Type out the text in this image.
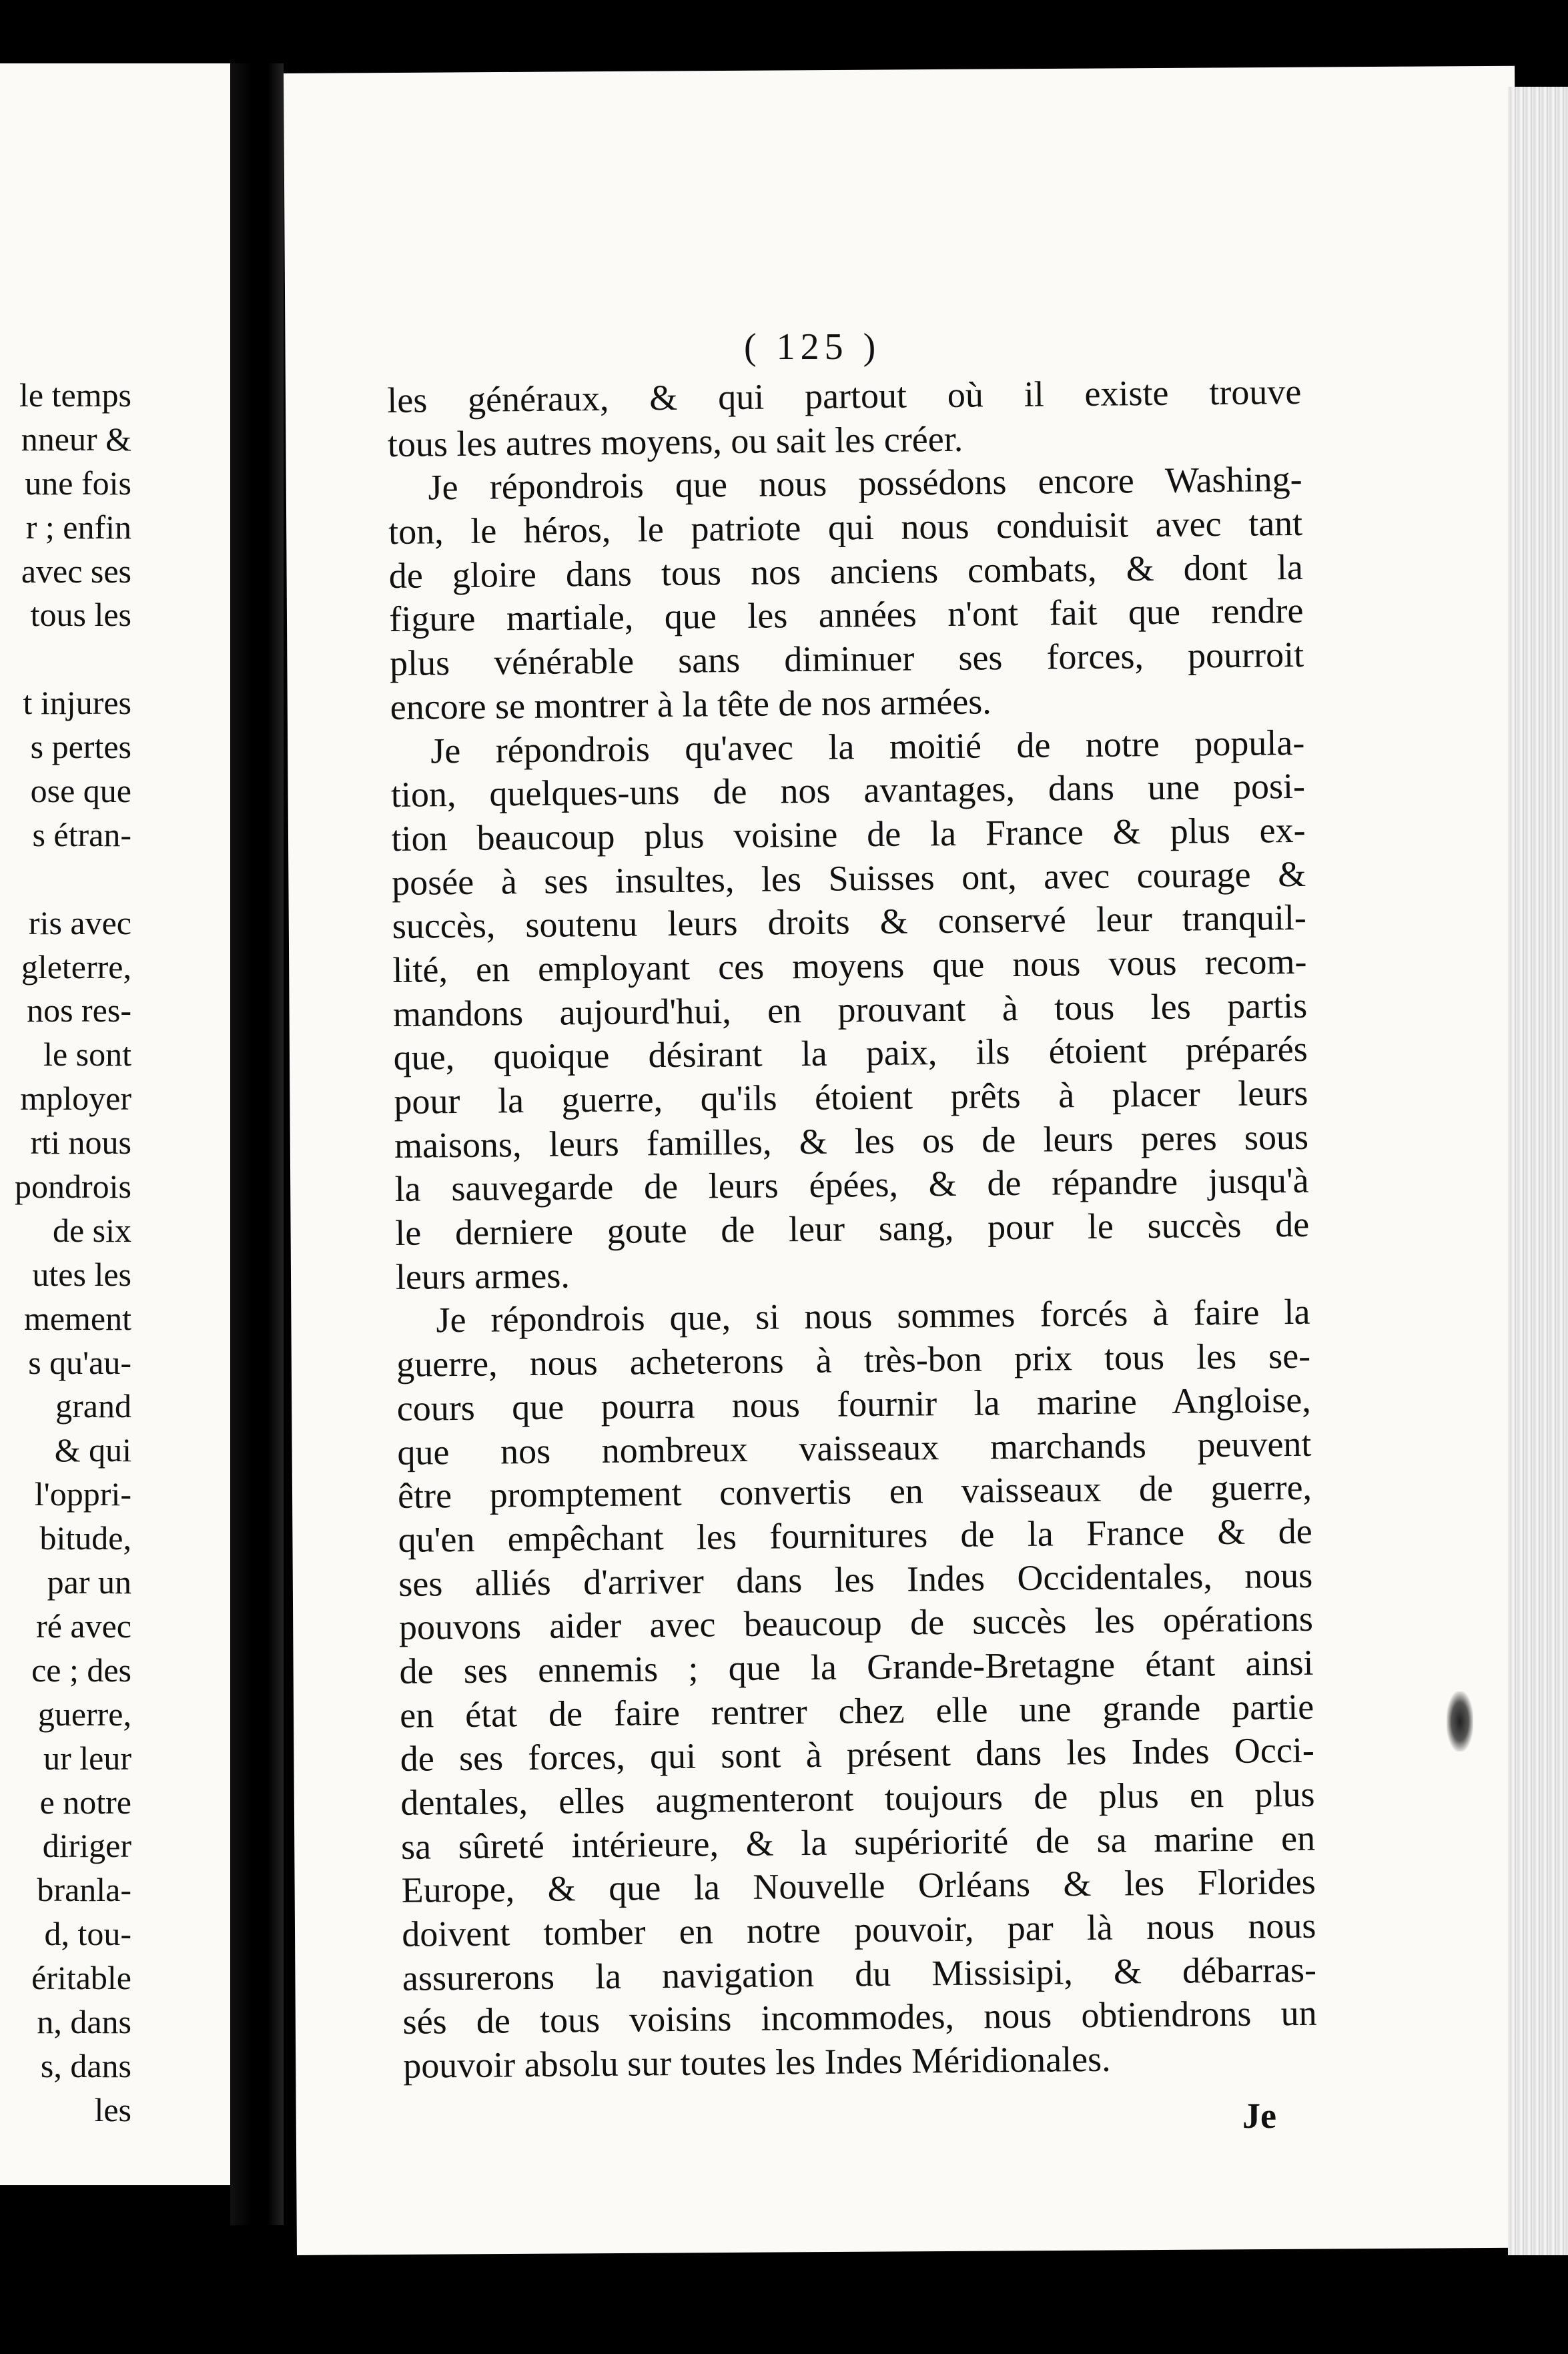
le temps
nneur &
une fois
r ; enfin
avec ses
tous les
t injures
s pertes
ose que
s étran-
ris avec
gleterre,
nos res-
le sont
mployer
rti nous
pondrois
de six
utes les
mement
s qu'au-
grand
& qui
l'oppri-
bitude,
par un
ré avec
ce ; des
guerre,
ur leur
e notre
diriger
branla-
d, tou-
éritable
n, dans
s, dans
les
( 125 )
les généraux, & qui partout où il existe trouve
tous les autres moyens, ou sait les créer.
Je répondrois que nous possédons encore Washing-
ton, le héros, le patriote qui nous conduisit avec tant
de gloire dans tous nos anciens combats, & dont la
figure martiale, que les années n'ont fait que rendre
plus vénérable sans diminuer ses forces, pourroit
encore se montrer à la tête de nos armées.
Je répondrois qu'avec la moitié de notre popula-
tion, quelques-uns de nos avantages, dans une posi-
tion beaucoup plus voisine de la France & plus ex-
posée à ses insultes, les Suisses ont, avec courage &
succès, soutenu leurs droits & conservé leur tranquil-
lité, en employant ces moyens que nous vous recom-
mandons aujourd'hui, en prouvant à tous les partis
que, quoique désirant la paix, ils étoient préparés
pour la guerre, qu'ils étoient prêts à placer leurs
maisons, leurs familles, & les os de leurs peres sous
la sauvegarde de leurs épées, & de répandre jusqu'à
le derniere goute de leur sang, pour le succès de
leurs armes.
Je répondrois que, si nous sommes forcés à faire la
guerre, nous acheterons à très-bon prix tous les se-
cours que pourra nous fournir la marine Angloise,
que nos nombreux vaisseaux marchands peuvent
être promptement convertis en vaisseaux de guerre,
qu'en empêchant les fournitures de la France & de
ses alliés d'arriver dans les Indes Occidentales, nous
pouvons aider avec beaucoup de succès les opérations
de ses ennemis ; que la Grande-Bretagne étant ainsi
en état de faire rentrer chez elle une grande partie
de ses forces, qui sont à présent dans les Indes Occi-
dentales, elles augmenteront toujours de plus en plus
sa sûreté intérieure, & la supériorité de sa marine en
Europe, & que la Nouvelle Orléans & les Florides
doivent tomber en notre pouvoir, par là nous nous
assurerons la navigation du Missisipi, & débarras-
sés de tous voisins incommodes, nous obtiendrons un
pouvoir absolu sur toutes les Indes Méridionales.
Je
